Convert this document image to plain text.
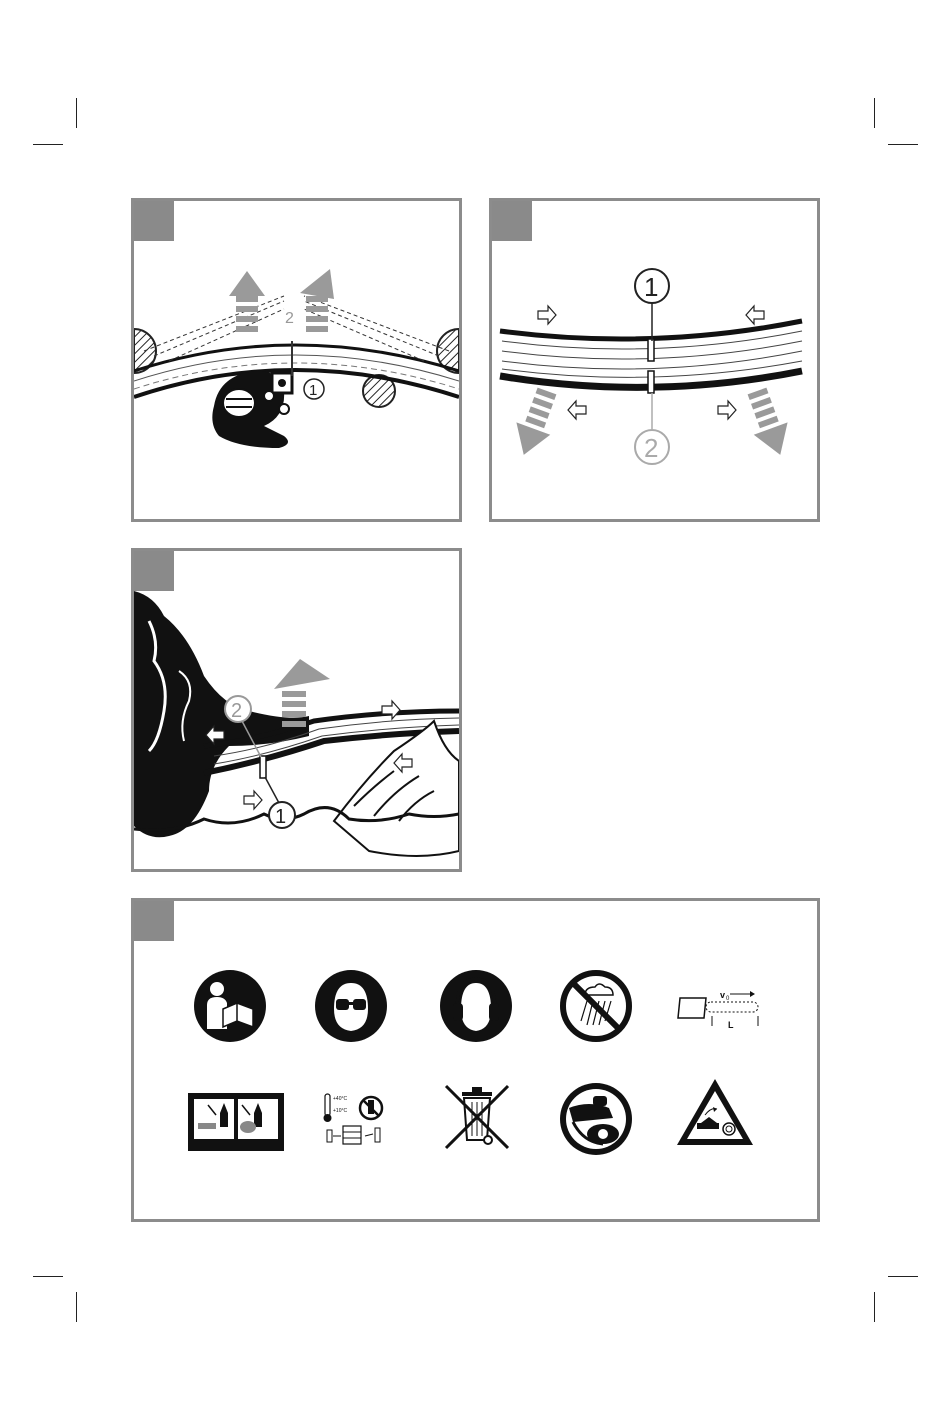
2
1
1
2
2
1
v 0
L
+40°C
+10°C
